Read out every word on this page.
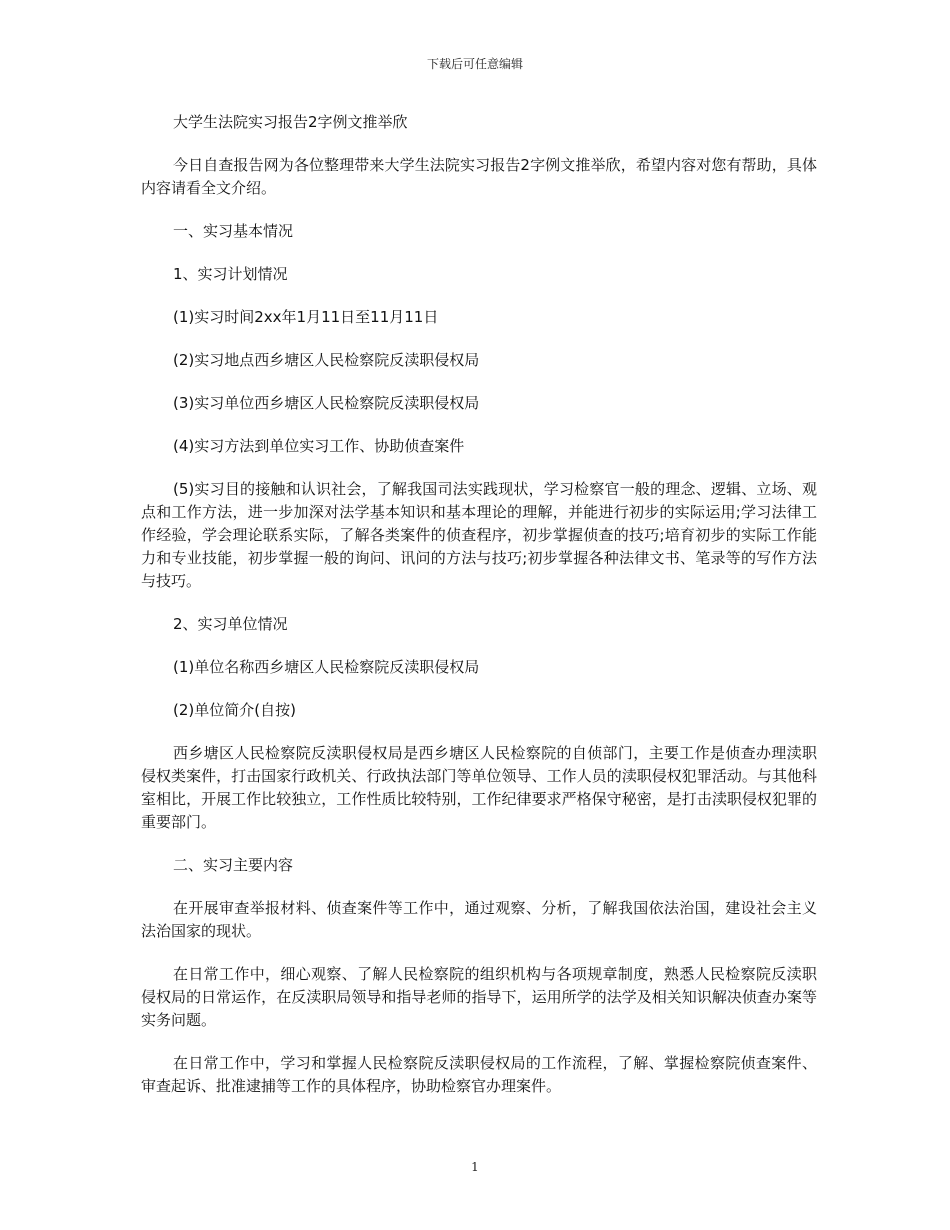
下载后可任意编辑

大学生法院实习报告2字例文推举欣

今日自查报告网为各位整理带来大学生法院实习报告2字例文推举欣，希望内容对您有帮助，具体内容请看全文介绍。

一、实习基本情况

1、实习计划情况

(1)实习时间2xx年1月11日至11月11日

(2)实习地点西乡塘区人民检察院反渎职侵权局

(3)实习单位西乡塘区人民检察院反渎职侵权局

(4)实习方法到单位实习工作、协助侦查案件

(5)实习目的接触和认识社会，了解我国司法实践现状，学习检察官一般的理念、逻辑、立场、观点和工作方法，进一步加深对法学基本知识和基本理论的理解，并能进行初步的实际运用;学习法律工作经验，学会理论联系实际，了解各类案件的侦查程序，初步掌握侦查的技巧;培育初步的实际工作能力和专业技能，初步掌握一般的询问、讯问的方法与技巧;初步掌握各种法律文书、笔录等的写作方法与技巧。

2、实习单位情况

(1)单位名称西乡塘区人民检察院反渎职侵权局

(2)单位简介(自按)

西乡塘区人民检察院反渎职侵权局是西乡塘区人民检察院的自侦部门，主要工作是侦查办理渎职侵权类案件，打击国家行政机关、行政执法部门等单位领导、工作人员的渎职侵权犯罪活动。与其他科室相比，开展工作比较独立，工作性质比较特别，工作纪律要求严格保守秘密，是打击渎职侵权犯罪的重要部门。

二、实习主要内容

在开展审查举报材料、侦查案件等工作中，通过观察、分析，了解我国依法治国，建设社会主义法治国家的现状。

在日常工作中，细心观察、了解人民检察院的组织机构与各项规章制度，熟悉人民检察院反渎职侵权局的日常运作，在反渎职局领导和指导老师的指导下，运用所学的法学及相关知识解决侦查办案等实务问题。

在日常工作中，学习和掌握人民检察院反渎职侵权局的工作流程，了解、掌握检察院侦查案件、审查起诉、批准逮捕等工作的具体程序，协助检察官办理案件。

1
